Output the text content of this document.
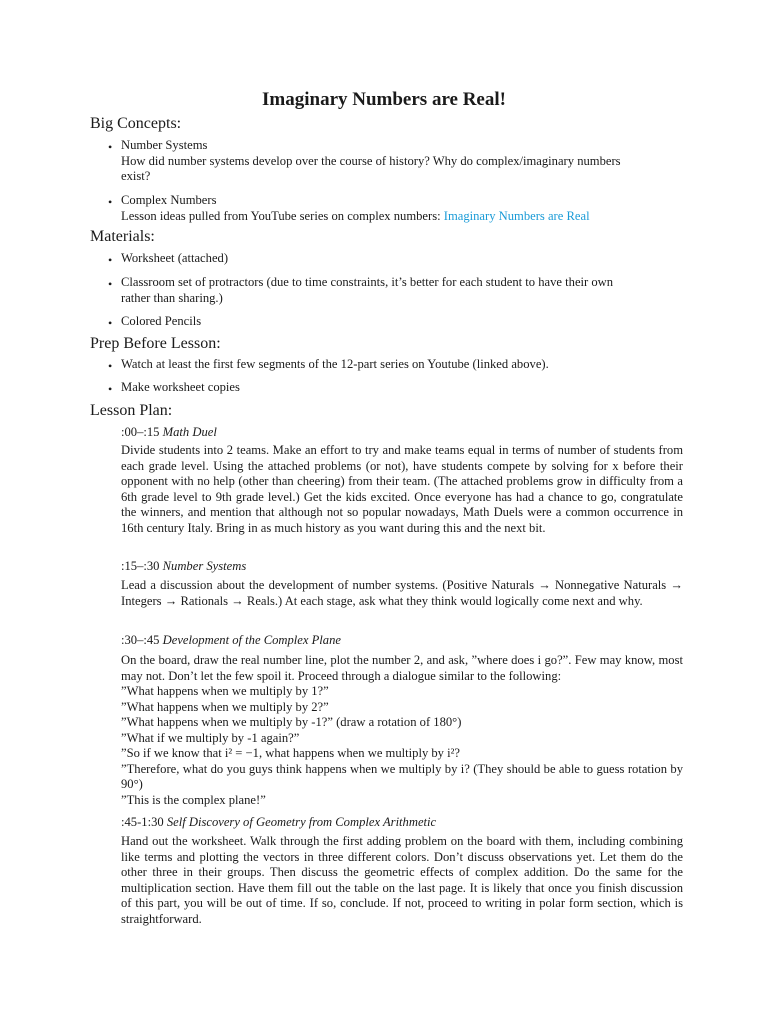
Imaginary Numbers are Real!
Big Concepts:
• Number Systems
How did number systems develop over the course of history? Why do complex/imaginary numbers
exist?
• Complex Numbers
Lesson ideas pulled from YouTube series on complex numbers: Imaginary Numbers are Real
Materials:
• Worksheet (attached)
• Classroom set of protractors (due to time constraints, it’s better for each student to have their own
rather than sharing.)
• Colored Pencils
Prep Before Lesson:
• Watch at least the first few segments of the 12-part series on Youtube (linked above).
• Make worksheet copies
Lesson Plan:
:00–:15 Math Duel
Divide students into 2 teams. Make an effort to try and make teams equal in terms of number of students from each grade level. Using the attached problems (or not), have students compete by solving for x before their opponent with no help (other than cheering) from their team. (The attached problems grow in difficulty from a 6th grade level to 9th grade level.) Get the kids excited. Once everyone has had a chance to go, congratulate the winners, and mention that although not so popular nowadays, Math Duels were a common occurrence in 16th century Italy. Bring in as much history as you want during this and the next bit.
:15–:30 Number Systems
Lead a discussion about the development of number systems. (Positive Naturals → Nonnegative Naturals → Integers → Rationals → Reals.) At each stage, ask what they think would logically come next and why.
:30–:45 Development of the Complex Plane
On the board, draw the real number line, plot the number 2, and ask, ”where does i go?”. Few may know, most may not. Don’t let the few spoil it. Proceed through a dialogue similar to the following:
”What happens when we multiply by 1?”
”What happens when we multiply by 2?”
”What happens when we multiply by -1?” (draw a rotation of 180°)
”What if we multiply by -1 again?”
”So if we know that i² = −1, what happens when we multiply by i²?
”Therefore, what do you guys think happens when we multiply by i? (They should be able to guess rotation by 90°)
”This is the complex plane!”
:45-1:30 Self Discovery of Geometry from Complex Arithmetic
Hand out the worksheet. Walk through the first adding problem on the board with them, including combining like terms and plotting the vectors in three different colors. Don’t discuss observations yet. Let them do the other three in their groups. Then discuss the geometric effects of complex addition. Do the same for the multiplication section. Have them fill out the table on the last page. It is likely that once you finish discussion of this part, you will be out of time. If so, conclude. If not, proceed to writing in polar form section, which is straightforward.
